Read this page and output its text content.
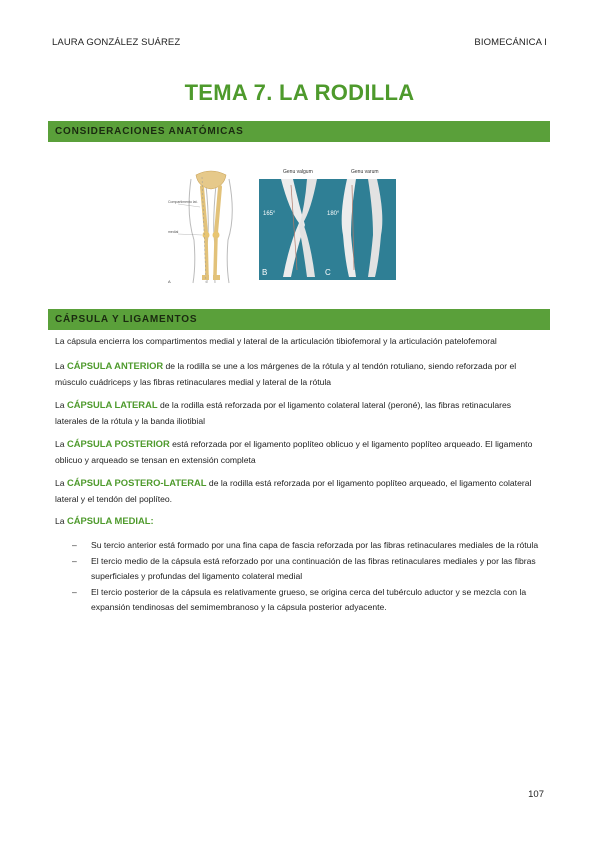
LAURA GONZÁLEZ SUÁREZ	BIOMECÁNICA I
TEMA 7. LA RODILLA
CONSIDERACIONES ANATÓMICAS
Compartimento lat.
medial
A
Genu valgum	Genu varum
165°	180°
B	C
CÁPSULA Y LIGAMENTOS

La cápsula encierra los compartimentos medial y lateral de la articulación tibiofemoral y la articulación patelofemoral

La CÁPSULA ANTERIOR de la rodilla se une a los márgenes de la rótula y al tendón rotuliano, siendo reforzada por el músculo cuádriceps y las fibras retinaculares medial y lateral de la rótula

La CÁPSULA LATERAL de la rodilla está reforzada por el ligamento colateral lateral (peroné), las fibras retinaculares laterales de la rótula y la banda iliotibial

La CÁPSULA POSTERIOR está reforzada por el ligamento poplíteo oblicuo y el ligamento poplíteo arqueado. El ligamento oblicuo y arqueado se tensan en extensión completa

La CÁPSULA POSTERO-LATERAL de la rodilla está reforzada por el ligamento poplíteo arqueado, el ligamento colateral lateral y el tendón del poplíteo.

La CÁPSULA MEDIAL:

– Su tercio anterior está formado por una fina capa de fascia reforzada por las fibras retinaculares mediales de la rótula
– El tercio medio de la cápsula está reforzado por una continuación de las fibras retinaculares mediales y por las fibras superficiales y profundas del ligamento colateral medial
– El tercio posterior de la cápsula es relativamente grueso, se origina cerca del tubérculo aductor y se mezcla con la expansión tendinosas del semimembranoso y la cápsula posterior adyacente.
107
